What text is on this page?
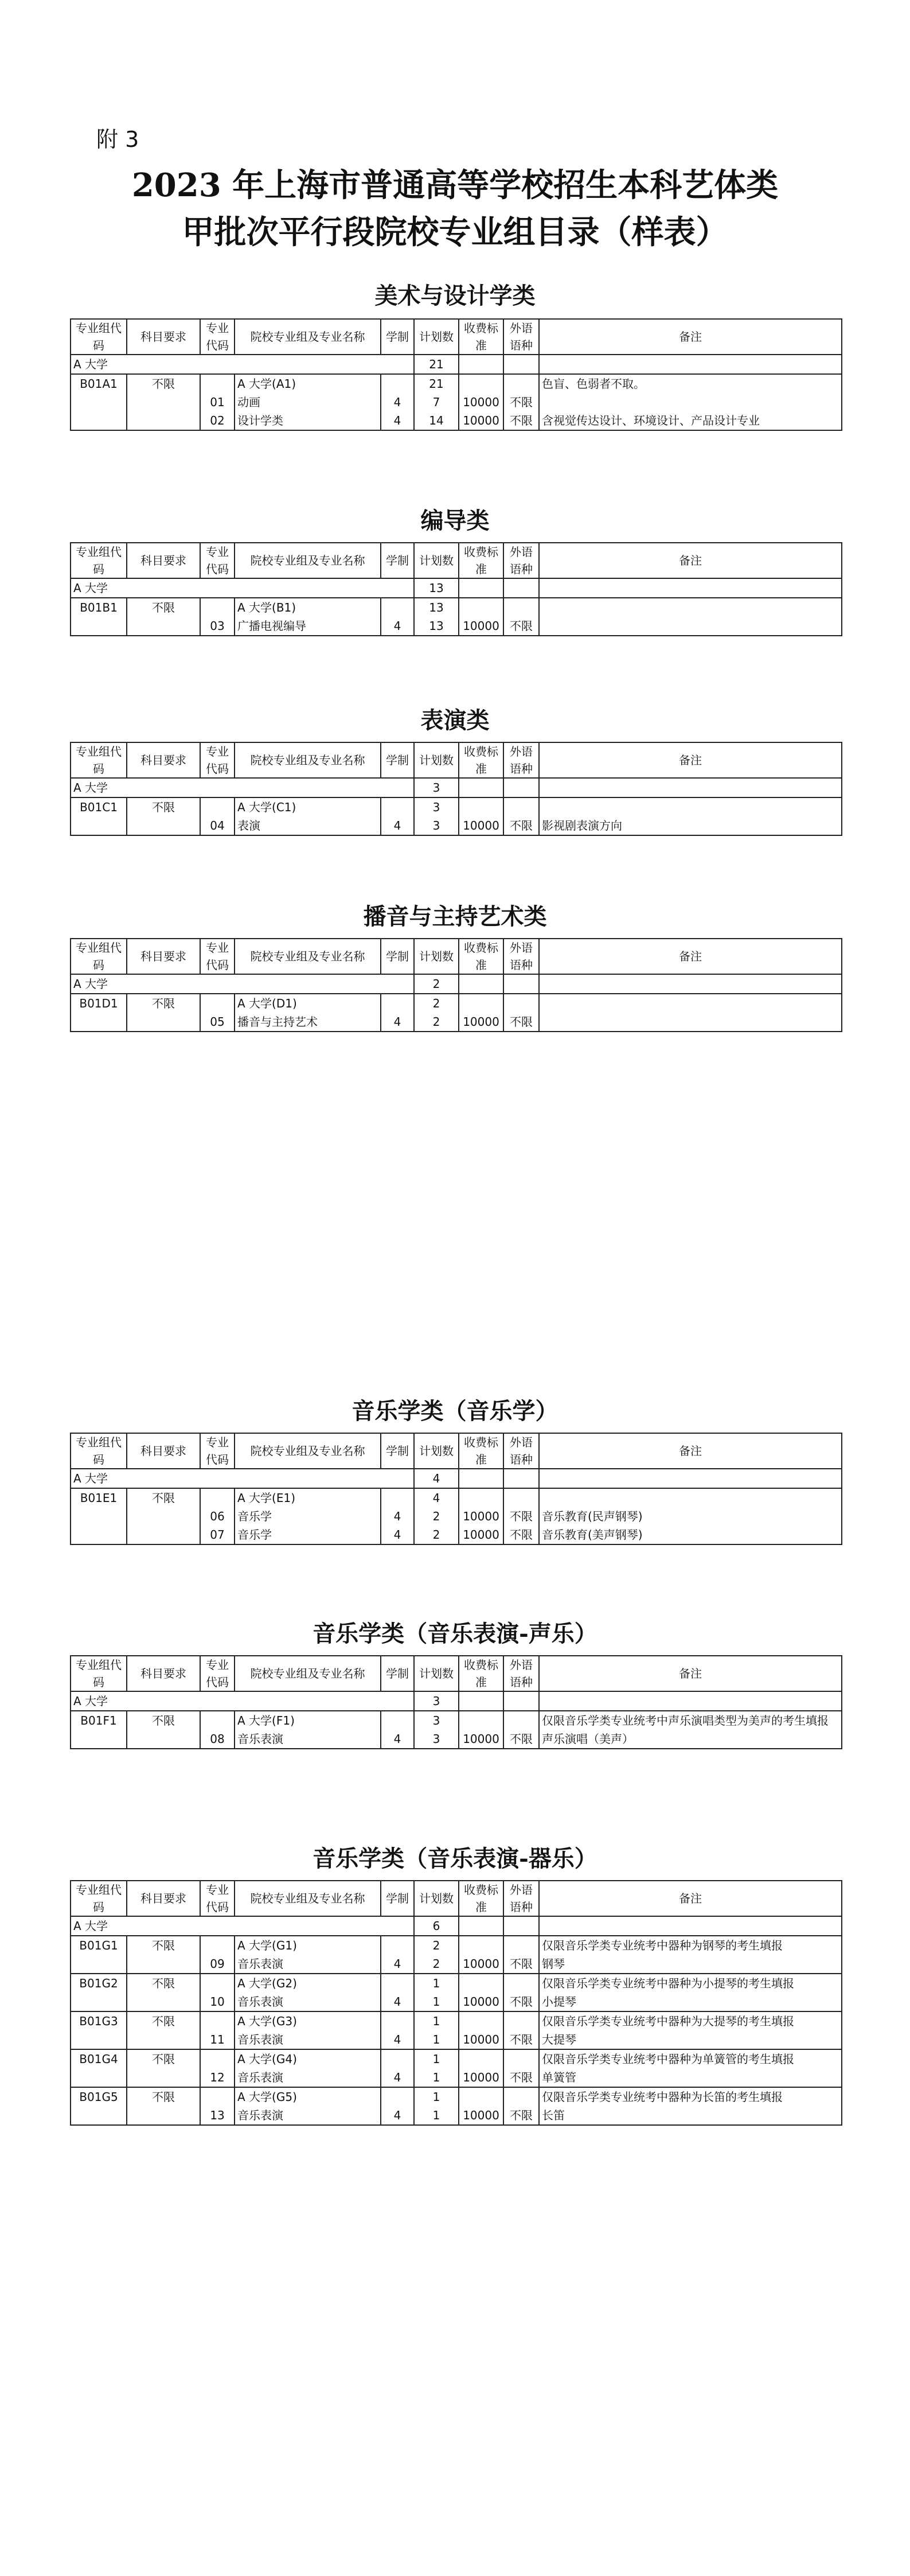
附 3
2023 年上海市普通高等学校招生本科艺体类
甲批次平行段院校专业组目录（样表）
美术与设计学类
专业组代码	科目要求	专业代码	院校专业组及专业名称	学制	计划数	收费标准	外语语种	备注
A 大学					21			
B01A1	不限		A 大学(A1)		21			色盲、色弱者不取。
		01	动画	4	7	10000	不限	
		02	设计学类	4	14	10000	不限	含视觉传达设计、环境设计、产品设计专业
编导类
专业组代码	科目要求	专业代码	院校专业组及专业名称	学制	计划数	收费标准	外语语种	备注
A 大学					13			
B01B1	不限		A 大学(B1)		13			
		03	广播电视编导	4	13	10000	不限	
表演类
专业组代码	科目要求	专业代码	院校专业组及专业名称	学制	计划数	收费标准	外语语种	备注
A 大学					3			
B01C1	不限		A 大学(C1)		3			
		04	表演	4	3	10000	不限	影视剧表演方向
播音与主持艺术类
专业组代码	科目要求	专业代码	院校专业组及专业名称	学制	计划数	收费标准	外语语种	备注
A 大学					2			
B01D1	不限		A 大学(D1)		2			
		05	播音与主持艺术	4	2	10000	不限	
音乐学类（音乐学）
专业组代码	科目要求	专业代码	院校专业组及专业名称	学制	计划数	收费标准	外语语种	备注
A 大学					4			
B01E1	不限		A 大学(E1)		4			
		06	音乐学	4	2	10000	不限	音乐教育(民声钢琴)
		07	音乐学	4	2	10000	不限	音乐教育(美声钢琴)
音乐学类（音乐表演-声乐）
专业组代码	科目要求	专业代码	院校专业组及专业名称	学制	计划数	收费标准	外语语种	备注
A 大学					3			
B01F1	不限		A 大学(F1)		3			仅限音乐学类专业统考中声乐演唱类型为美声的考生填报
		08	音乐表演	4	3	10000	不限	声乐演唱（美声）
音乐学类（音乐表演-器乐）
专业组代码	科目要求	专业代码	院校专业组及专业名称	学制	计划数	收费标准	外语语种	备注
A 大学					6			
B01G1	不限		A 大学(G1)		2			仅限音乐学类专业统考中器种为钢琴的考生填报
		09	音乐表演	4	2	10000	不限	钢琴
B01G2	不限		A 大学(G2)		1			仅限音乐学类专业统考中器种为小提琴的考生填报
		10	音乐表演	4	1	10000	不限	小提琴
B01G3	不限		A 大学(G3)		1			仅限音乐学类专业统考中器种为大提琴的考生填报
		11	音乐表演	4	1	10000	不限	大提琴
B01G4	不限		A 大学(G4)		1			仅限音乐学类专业统考中器种为单簧管的考生填报
		12	音乐表演	4	1	10000	不限	单簧管
B01G5	不限		A 大学(G5)		1			仅限音乐学类专业统考中器种为长笛的考生填报
		13	音乐表演	4	1	10000	不限	长笛
